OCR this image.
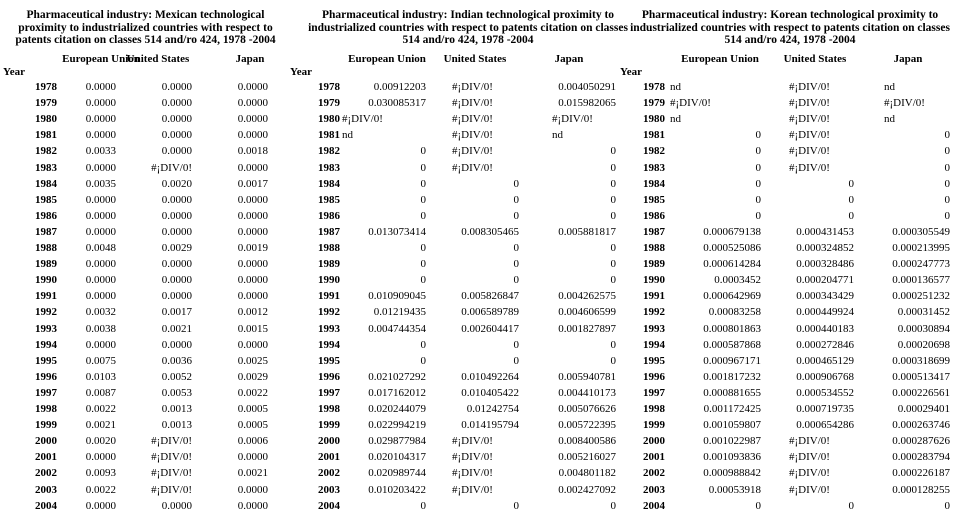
Pharmaceutical industry: Mexican technological proximity to industrialized countries with respect to patents citation on classes 514 and/ro 424, 1978 -2004
Year
European Union
United States	Japan
1978	0.0000	0.0000	0.0000
1979	0.0000	0.0000	0.0000
1980	0.0000	0.0000	0.0000
1981	0.0000	0.0000	0.0000
1982	0.0033	0.0000	0.0018
1983	0.0000	#¡DIV/0!	0.0000
1984	0.0035	0.0020	0.0017
1985	0.0000	0.0000	0.0000
1986	0.0000	0.0000	0.0000
1987	0.0000	0.0000	0.0000
1988	0.0048	0.0029	0.0019
1989	0.0000	0.0000	0.0000
1990	0.0000	0.0000	0.0000
1991	0.0000	0.0000	0.0000
1992	0.0032	0.0017	0.0012
1993	0.0038	0.0021	0.0015
1994	0.0000	0.0000	0.0000
1995	0.0075	0.0036	0.0025
1996	0.0103	0.0052	0.0029
1997	0.0087	0.0053	0.0022
1998	0.0022	0.0013	0.0005
1999	0.0021	0.0013	0.0005
2000	0.0020	#¡DIV/0!	0.0006
2001	0.0000	#¡DIV/0!	0.0000
2002	0.0093	#¡DIV/0!	0.0021
2003	0.0022	#¡DIV/0!	0.0000
2004	0.0000	0.0000	0.0000
Pharmaceutical industry: Indian technological proximity to industrialized countries with respect to patents citation on classes 514 and/ro 424, 1978 -2004
Year
European Union	United States	Japan
1978	0.00912203 #¡DIV/0!	0.004050291
1979	0.030085317 #¡DIV/0!	0.015982065
1980 #¡DIV/0!	#¡DIV/0!	#¡DIV/0!
1981 nd	#¡DIV/0!	nd
1982	0 #¡DIV/0!	0
1983	0 #¡DIV/0!	0
1984	0	0	0
1985	0	0	0
1986	0	0	0
1987	0.013073414	0.008305465	0.005881817
1988	0	0	0
1989	0	0	0
1990	0	0	0
1991	0.010909045	0.005826847	0.004262575
1992	0.01219435	0.006589789	0.004606599
1993	0.004744354	0.002604417	0.001827897
1994	0	0	0
1995	0	0	0
1996	0.021027292	0.010492264	0.005940781
1997	0.017162012	0.010405422	0.004410173
1998	0.020244079	0.01242754	0.005076626
1999	0.022994219	0.014195794	0.005722395
2000	0.029877984 #¡DIV/0!	0.008400586
2001	0.020104317 #¡DIV/0!	0.005216027
2002	0.020989744 #¡DIV/0!	0.004801182
2003	0.010203422 #¡DIV/0!	0.002427092
2004	0	0	0
Pharmaceutical industry: Korean technological proximity to industrialized countries with respect to patents citation on classes 514 and/ro 424, 1978 -2004
Year
European Union	United States	Japan
1978 nd	#¡DIV/0!	nd
1979 #¡DIV/0!	#¡DIV/0!	#¡DIV/0!
1980 nd	#¡DIV/0!	nd
1981	0	#¡DIV/0!	0
1982	0	#¡DIV/0!	0
1983	0	#¡DIV/0!	0
1984	0	0	0
1985	0	0	0
1986	0	0	0
1987	0.000679138	0.000431453	0.000305549
1988	0.000525086	0.000324852	0.000213995
1989	0.000614284	0.000328486	0.000247773
1990	0.0003452	0.000204771	0.000136577
1991	0.000642969	0.000343429	0.000251232
1992	0.00083258	0.000449924	0.00031452
1993	0.000801863	0.000440183	0.00030894
1994	0.000587868	0.000272846	0.00020698
1995	0.000967171	0.000465129	0.000318699
1996	0.001817232	0.000906768	0.000513417
1997	0.000881655	0.000534552	0.000226561
1998	0.001172425	0.000719735	0.00029401
1999	0.001059807	0.000654286	0.000263746
2000	0.001022987	#¡DIV/0!	0.000287626
2001	0.001093836	#¡DIV/0!	0.000283794
2002	0.000988842	#¡DIV/0!	0.000226187
2003	0.00053918	#¡DIV/0!	0.000128255
2004	0	0	0
